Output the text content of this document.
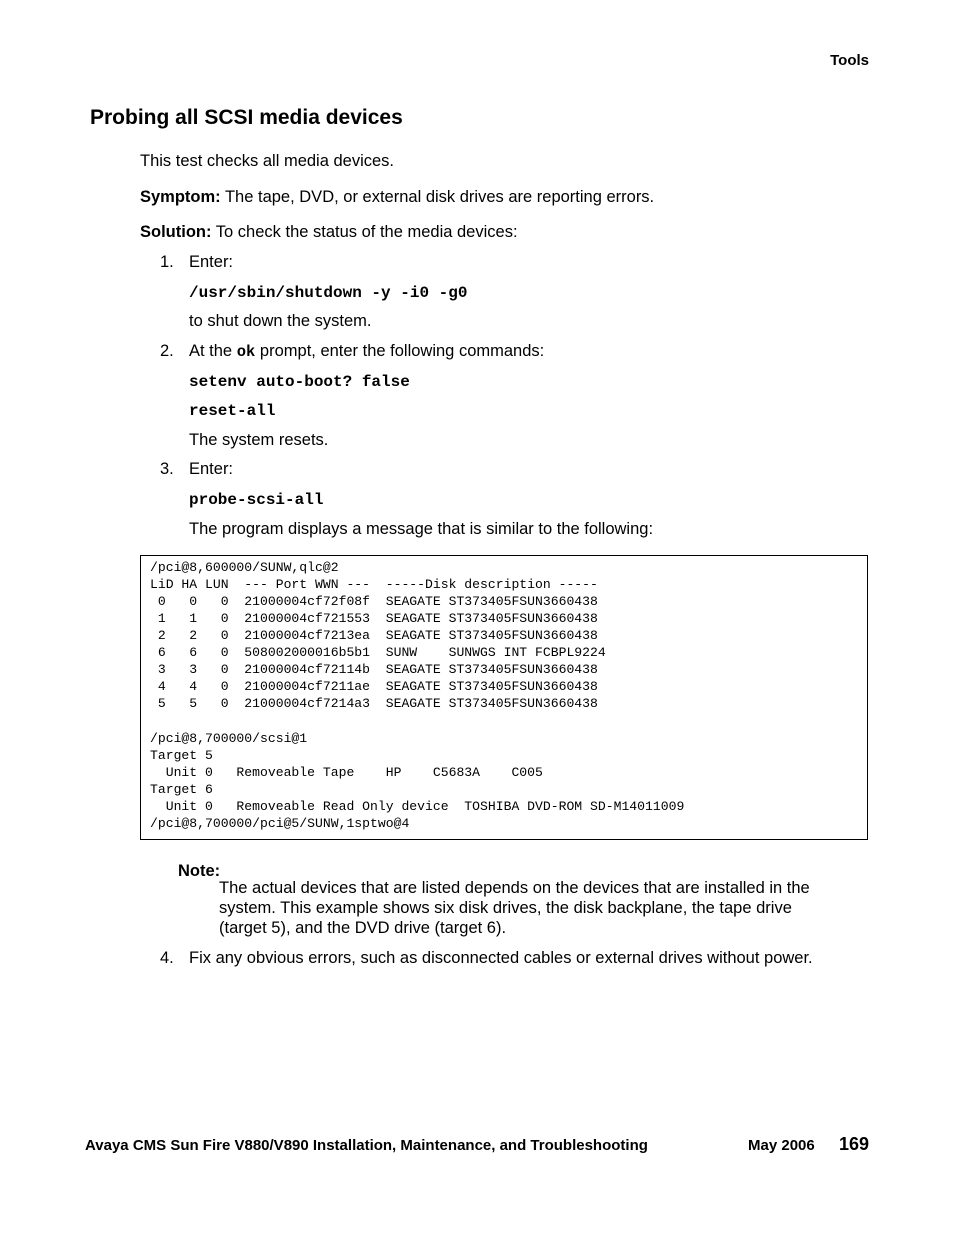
Tools
Probing all SCSI media devices

This test checks all media devices.

Symptom: The tape, DVD, or external disk drives are reporting errors.

Solution: To check the status of the media devices:

1. Enter:
/usr/sbin/shutdown -y -i0 -g0
to shut down the system.
2. At the ok prompt, enter the following commands:
setenv auto-boot? false
reset-all
The system resets.
3. Enter:
probe-scsi-all
The program displays a message that is similar to the following:
/pci@8,600000/SUNW,qlc@2
LiD HA LUN  --- Port WWN ---  -----Disk description -----
0   0   0  21000004cf72f08f  SEAGATE ST373405FSUN3660438
1   1   0  21000004cf721553  SEAGATE ST373405FSUN3660438
2   2   0  21000004cf7213ea  SEAGATE ST373405FSUN3660438
6   6   0  508002000016b5b1  SUNW    SUNWGS INT FCBPL9224
3   3   0  21000004cf72114b  SEAGATE ST373405FSUN3660438
4   4   0  21000004cf7211ae  SEAGATE ST373405FSUN3660438
5   5   0  21000004cf7214a3  SEAGATE ST373405FSUN3660438
/pci@8,700000/scsi@1
Target 5
Unit 0   Removeable Tape    HP    C5683A    C005
Target 6
Unit 0   Removeable Read Only device  TOSHIBA DVD-ROM SD-M14011009
/pci@8,700000/pci@5/SUNW,1sptwo@4
Note:

The actual devices that are listed depends on the devices that are installed in the system. This example shows six disk drives, the disk backplane, the tape drive (target 5), and the DVD drive (target 6).

4. Fix any obvious errors, such as disconnected cables or external drives without power.
Avaya CMS Sun Fire V880/V890 Installation, Maintenance, and Troubleshooting	May 2006 169
